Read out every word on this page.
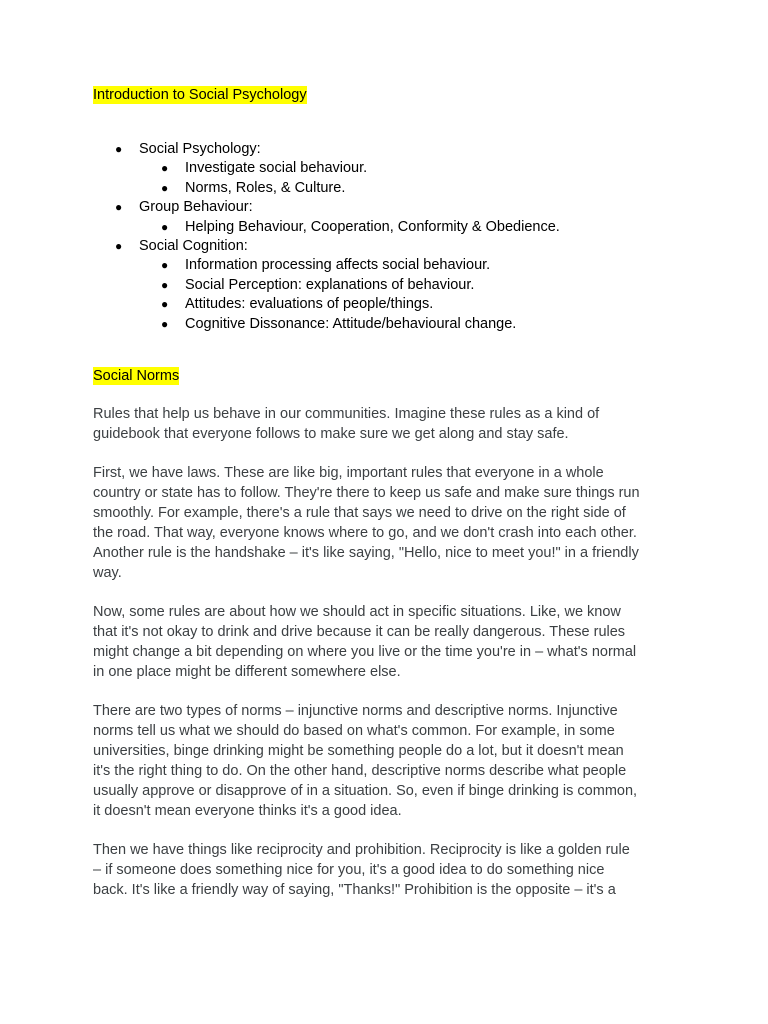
Introduction to Social Psychology
● Social Psychology:
● Investigate social behaviour.
● Norms, Roles, & Culture.
● Group Behaviour:
● Helping Behaviour, Cooperation, Conformity & Obedience.
● Social Cognition:
● Information processing affects social behaviour.
● Social Perception: explanations of behaviour.
● Attitudes: evaluations of people/things.
● Cognitive Dissonance: Attitude/behavioural change.
Social Norms

Rules that help us behave in our communities. Imagine these rules as a kind of
guidebook that everyone follows to make sure we get along and stay safe.

First, we have laws. These are like big, important rules that everyone in a whole
country or state has to follow. They're there to keep us safe and make sure things run
smoothly. For example, there's a rule that says we need to drive on the right side of
the road. That way, everyone knows where to go, and we don't crash into each other.
Another rule is the handshake – it's like saying, "Hello, nice to meet you!" in a friendly
way.

Now, some rules are about how we should act in specific situations. Like, we know
that it's not okay to drink and drive because it can be really dangerous. These rules
might change a bit depending on where you live or the time you're in – what's normal
in one place might be different somewhere else.

There are two types of norms – injunctive norms and descriptive norms. Injunctive
norms tell us what we should do based on what's common. For example, in some
universities, binge drinking might be something people do a lot, but it doesn't mean
it's the right thing to do. On the other hand, descriptive norms describe what people
usually approve or disapprove of in a situation. So, even if binge drinking is common,
it doesn't mean everyone thinks it's a good idea.

Then we have things like reciprocity and prohibition. Reciprocity is like a golden rule
– if someone does something nice for you, it's a good idea to do something nice
back. It's like a friendly way of saying, "Thanks!" Prohibition is the opposite – it's a
